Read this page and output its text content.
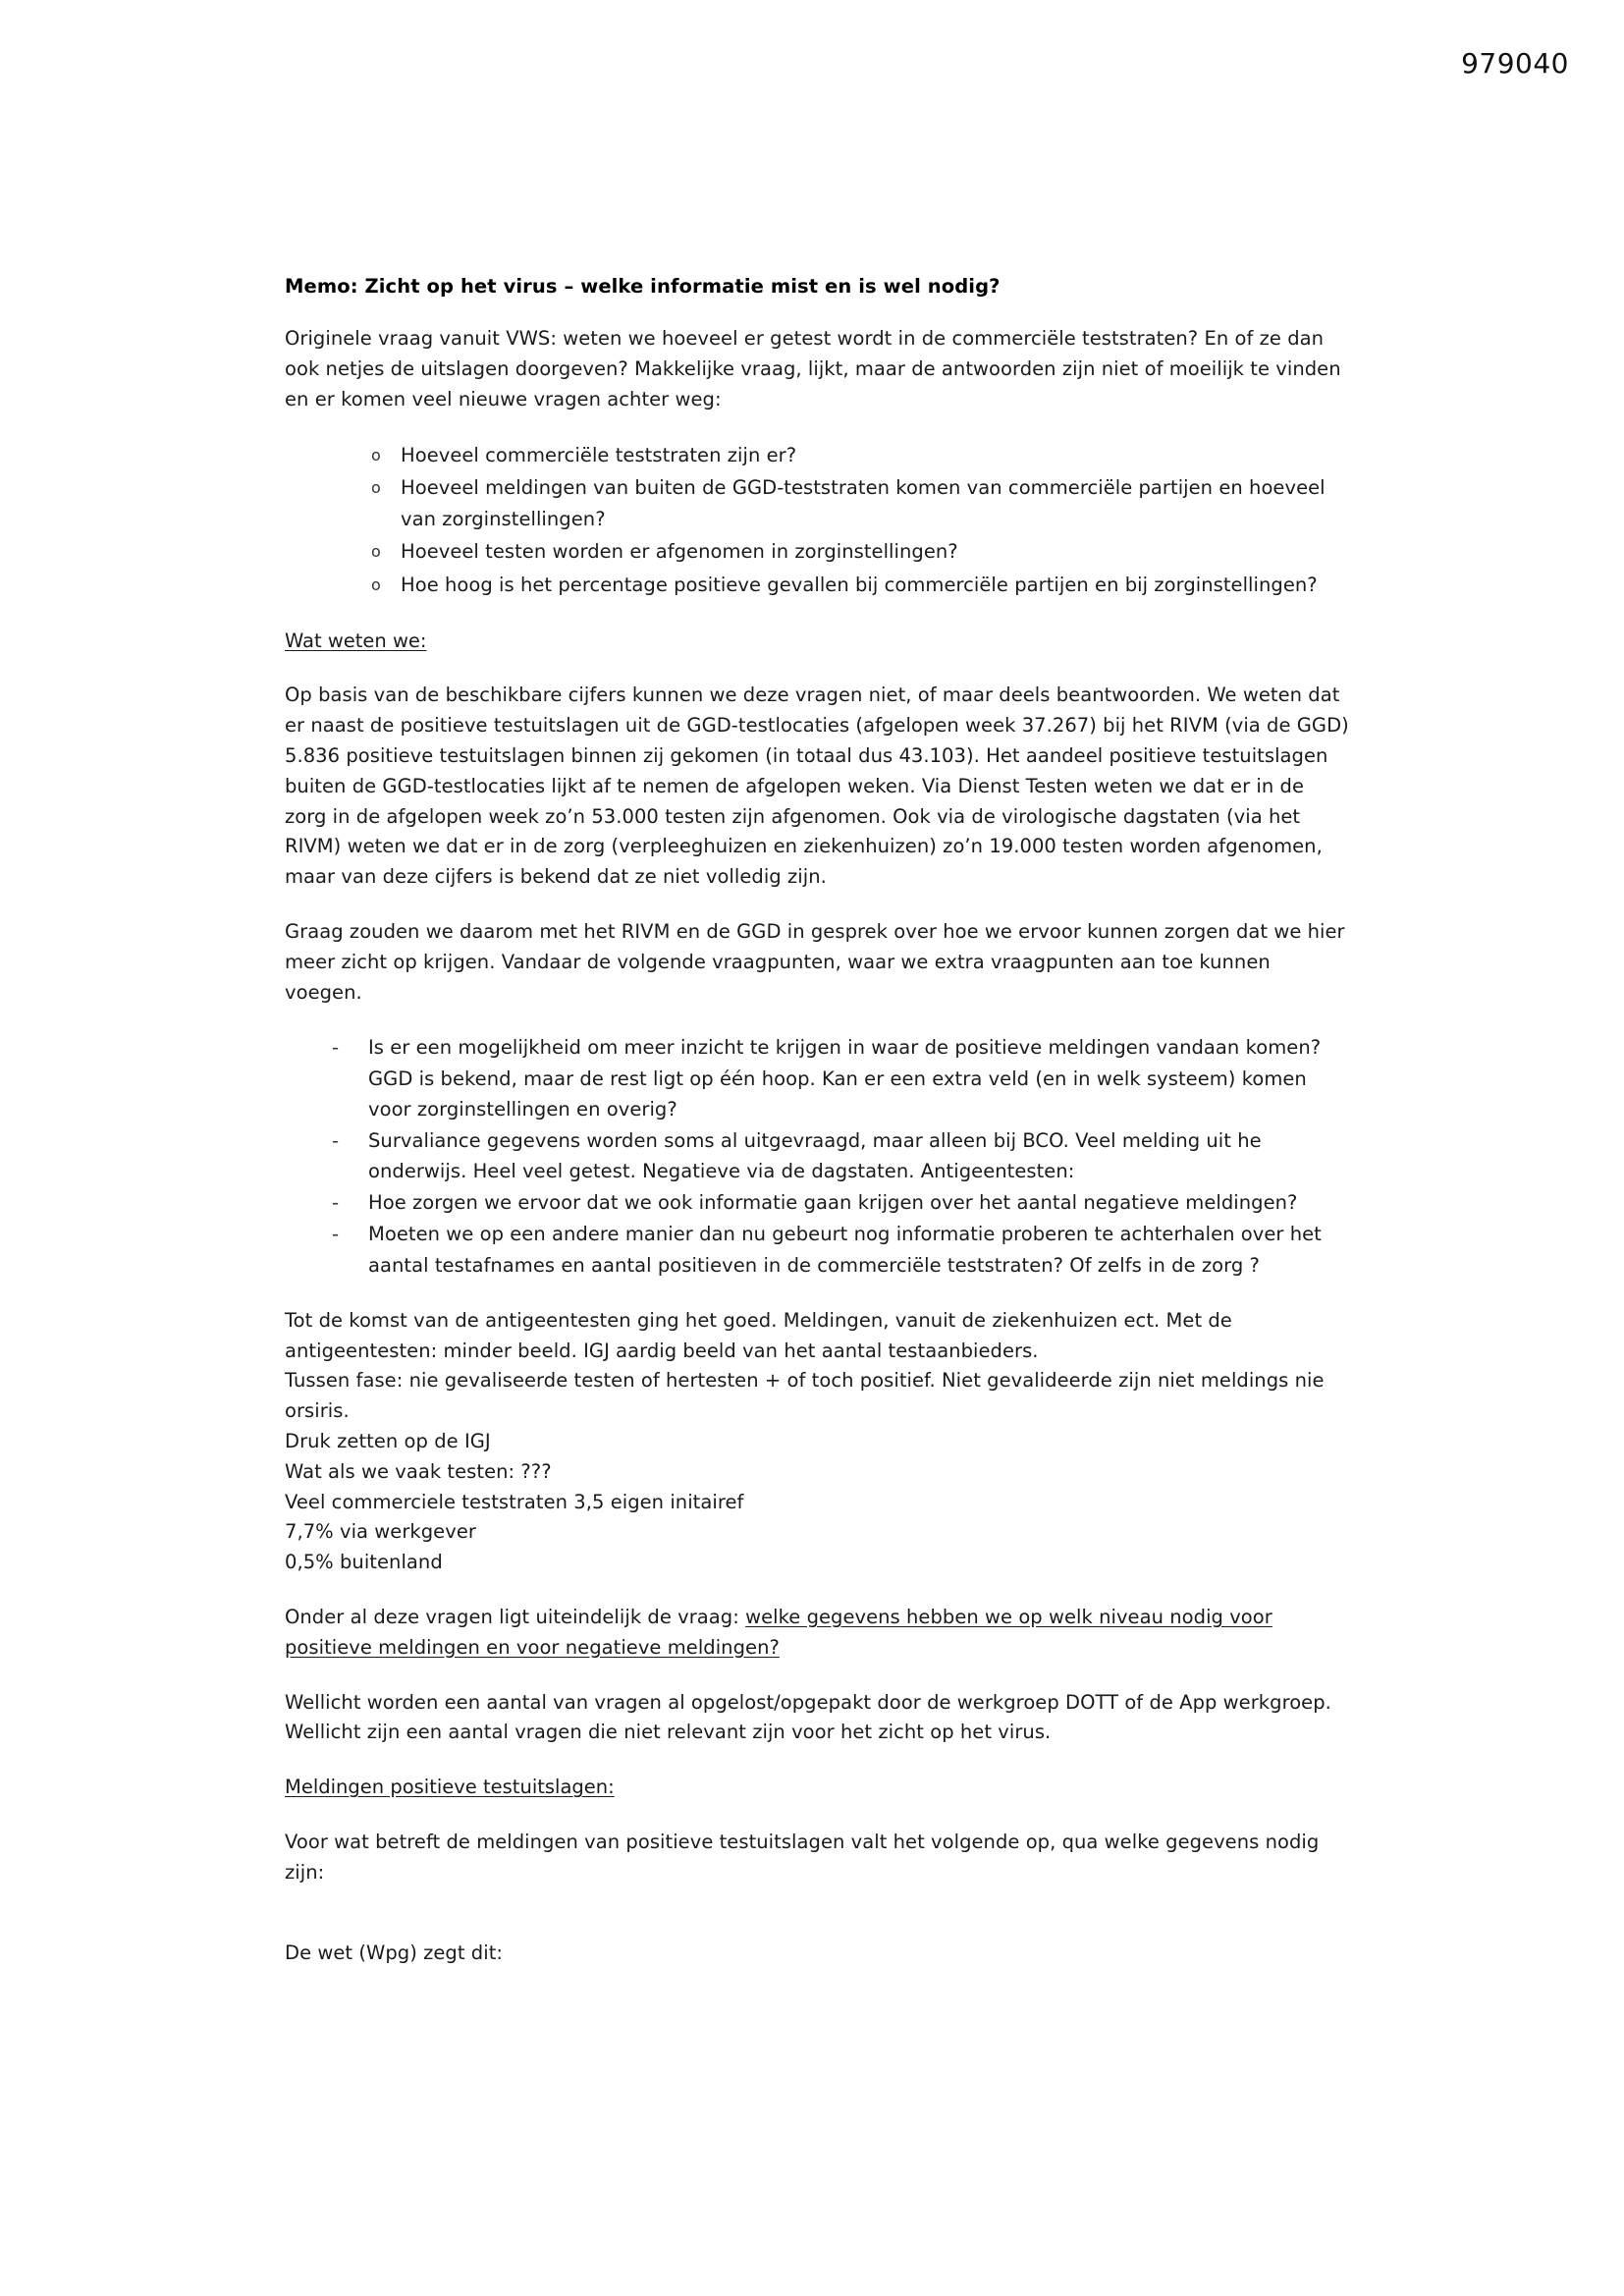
979040
Memo: Zicht op het virus – welke informatie mist en is wel nodig?

Originele vraag vanuit VWS: weten we hoeveel er getest wordt in de commerciële teststraten? En of ze dan ook netjes de uitslagen doorgeven? Makkelijke vraag, lijkt, maar de antwoorden zijn niet of moeilijk te vinden en er komen veel nieuwe vragen achter weg:

o Hoeveel commerciële teststraten zijn er?
o Hoeveel meldingen van buiten de GGD-teststraten komen van commerciële partijen en hoeveel van zorginstellingen?
o Hoeveel testen worden er afgenomen in zorginstellingen?
o Hoe hoog is het percentage positieve gevallen bij commerciële partijen en bij zorginstellingen?
Wat weten we:

Op basis van de beschikbare cijfers kunnen we deze vragen niet, of maar deels beantwoorden. We weten dat er naast de positieve testuitslagen uit de GGD-testlocaties (afgelopen week 37.267) bij het RIVM (via de GGD) 5.836 positieve testuitslagen binnen zij gekomen (in totaal dus 43.103). Het aandeel positieve testuitslagen buiten de GGD-testlocaties lijkt af te nemen de afgelopen weken. Via Dienst Testen weten we dat er in de zorg in de afgelopen week zo’n 53.000 testen zijn afgenomen. Ook via de virologische dagstaten (via het RIVM) weten we dat er in de zorg (verpleeghuizen en ziekenhuizen) zo’n 19.000 testen worden afgenomen, maar van deze cijfers is bekend dat ze niet volledig zijn.

Graag zouden we daarom met het RIVM en de GGD in gesprek over hoe we ervoor kunnen zorgen dat we hier meer zicht op krijgen. Vandaar de volgende vraagpunten, waar we extra vraagpunten aan toe kunnen voegen.

- Is er een mogelijkheid om meer inzicht te krijgen in waar de positieve meldingen vandaan komen? GGD is bekend, maar de rest ligt op één hoop. Kan er een extra veld (en in welk systeem) komen voor zorginstellingen en overig?
- Survaliance gegevens worden soms al uitgevraagd, maar alleen bij BCO. Veel melding uit he onderwijs. Heel veel getest. Negatieve via de dagstaten. Antigeentesten:
- Hoe zorgen we ervoor dat we ook informatie gaan krijgen over het aantal negatieve meldingen?
- Moeten we op een andere manier dan nu gebeurt nog informatie proberen te achterhalen over het aantal testafnames en aantal positieven in de commerciële teststraten? Of zelfs in de zorg ?
Tot de komst van de antigeentesten ging het goed. Meldingen, vanuit de ziekenhuizen ect. Met de antigeentesten: minder beeld. IGJ aardig beeld van het aantal testaanbieders.
Tussen fase: nie gevaliseerde testen of hertesten + of toch positief. Niet gevalideerde zijn niet meldings nie orsiris.
Druk zetten op de IGJ
Wat als we vaak testen: ???
Veel commerciele teststraten 3,5 eigen initairef
7,7% via werkgever
0,5% buitenland

Onder al deze vragen ligt uiteindelijk de vraag: welke gegevens hebben we op welk niveau nodig voor positieve meldingen en voor negatieve meldingen?

Wellicht worden een aantal van vragen al opgelost/opgepakt door de werkgroep DOTT of de App werkgroep. Wellicht zijn een aantal vragen die niet relevant zijn voor het zicht op het virus.

Meldingen positieve testuitslagen:

Voor wat betreft de meldingen van positieve testuitslagen valt het volgende op, qua welke gegevens nodig zijn:

De wet (Wpg) zegt dit:
